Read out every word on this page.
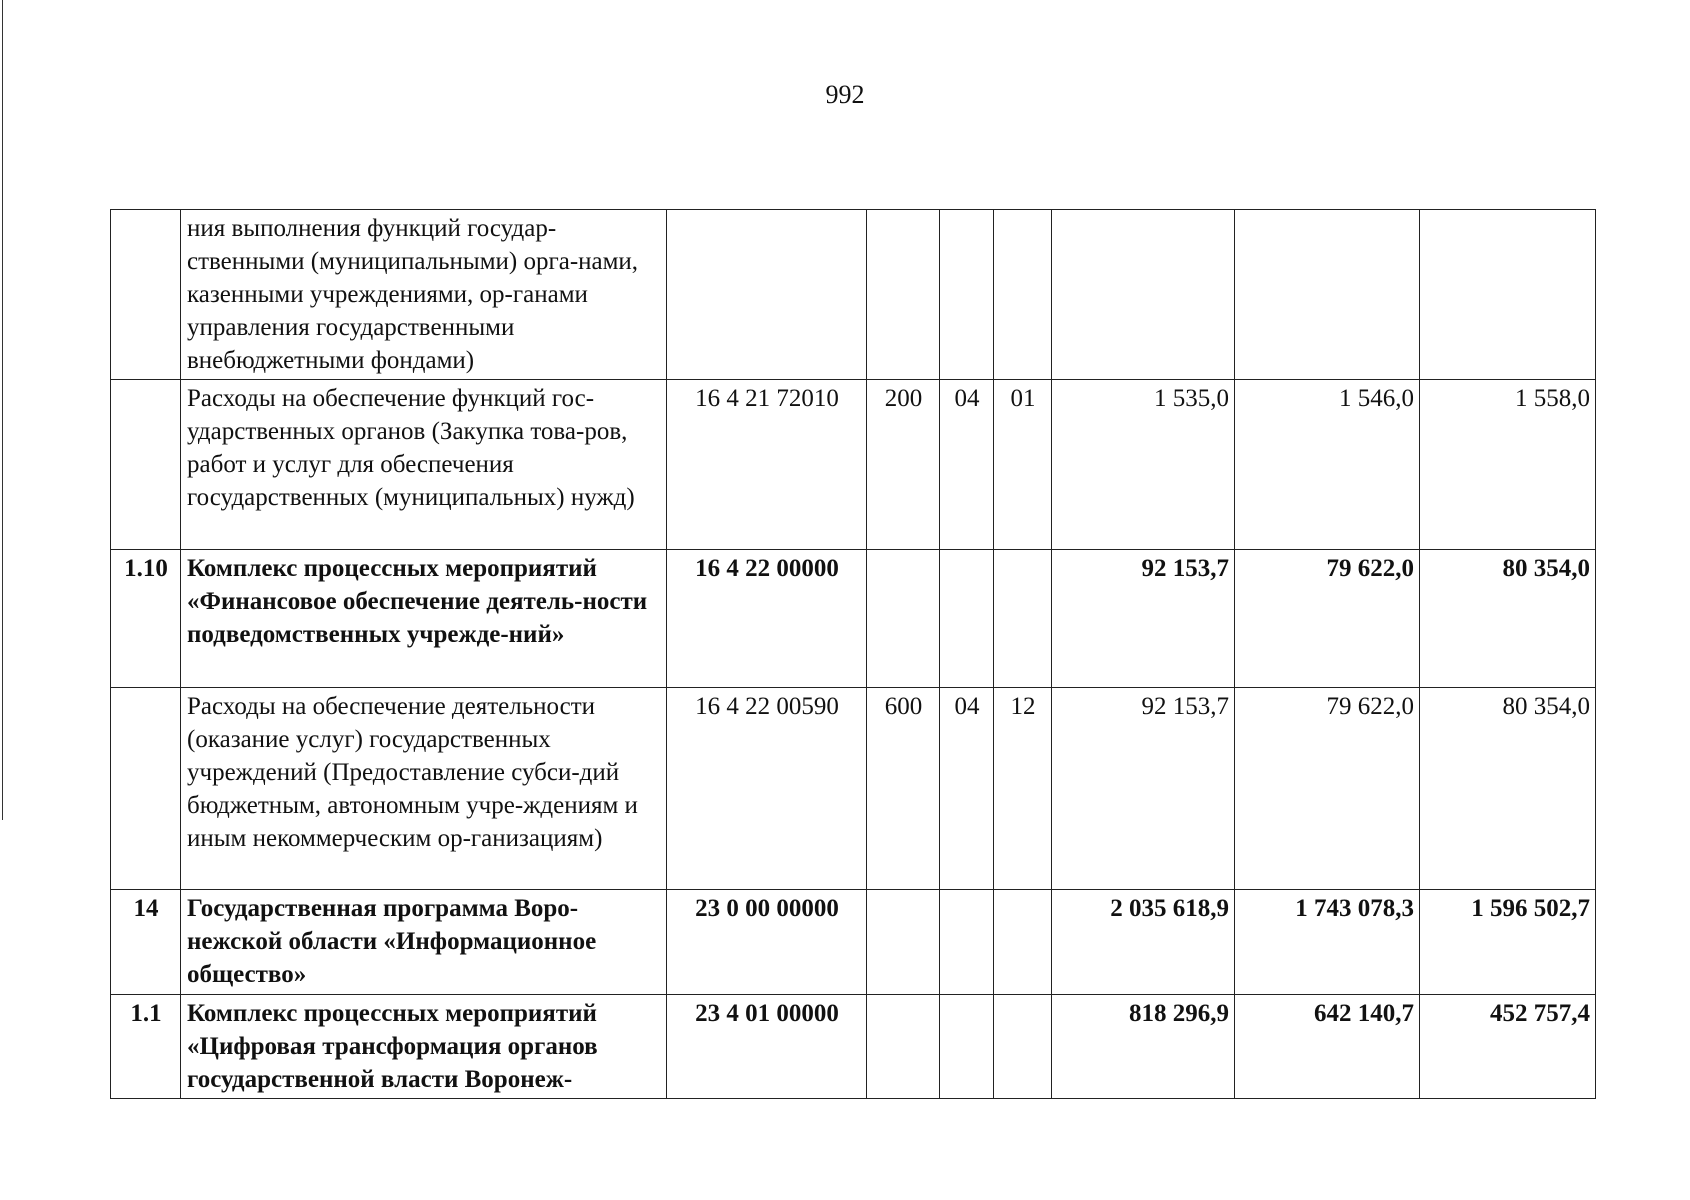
992
	ния выполнения функций государ-ственными (муниципальными) орга-нами, казенными учреждениями, ор-ганами управления государственными внебюджетными фондами)							
	Расходы на обеспечение функций гос-ударственных органов (Закупка това-ров, работ и услуг для обеспечения государственных (муниципальных) нужд)	16 4 21 72010	200	04	01	1 535,0	1 546,0	1 558,0
1.10	Комплекс процессных мероприятий «Финансовое обеспечение деятель-ности подведомственных учрежде-ний»	16 4 22 00000				92 153,7	79 622,0	80 354,0
	Расходы на обеспечение деятельности (оказание услуг) государственных учреждений (Предоставление субси-дий бюджетным, автономным учре-ждениям и иным некоммерческим ор-ганизациям)	16 4 22 00590	600	04	12	92 153,7	79 622,0	80 354,0
14	Государственная программа Воро-нежской области «Информационное общество»	23 0 00 00000				2 035 618,9	1 743 078,3	1 596 502,7
1.1	Комплекс процессных мероприятий «Цифровая трансформация органов государственной власти Воронеж-	23 4 01 00000				818 296,9	642 140,7	452 757,4
